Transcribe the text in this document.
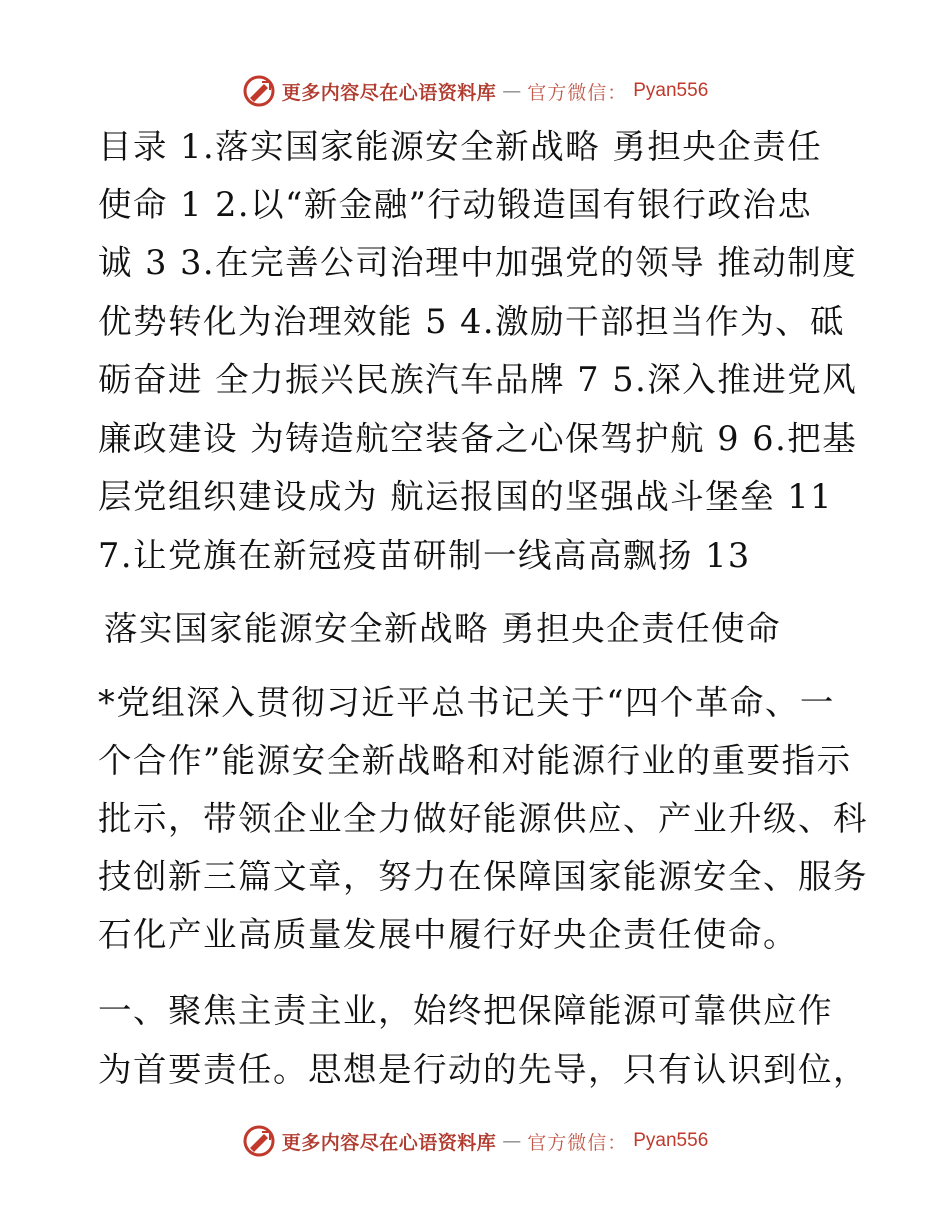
更多内容尽在心语资料库 — 官方微信： Pyan556
目录 1.落实国家能源安全新战略 勇担央企责任
使命 1 2.以“新金融”行动锻造国有银行政治忠
诚 3 3.在完善公司治理中加强党的领导 推动制度
优势转化为治理效能 5 4.激励干部担当作为、砥
砺奋进 全力振兴民族汽车品牌 7 5.深入推进党风
廉政建设 为铸造航空装备之心保驾护航 9 6.把基
层党组织建设成为 航运报国的坚强战斗堡垒 11
7.让党旗在新冠疫苗研制一线高高飘扬 13
落实国家能源安全新战略 勇担央企责任使命
*党组深入贯彻习近平总书记关于“四个革命、一
个合作”能源安全新战略和对能源行业的重要指示
批示，带领企业全力做好能源供应、产业升级、科
技创新三篇文章，努力在保障国家能源安全、服务
石化产业高质量发展中履行好央企责任使命。
一、聚焦主责主业，始终把保障能源可靠供应作
为首要责任。思想是行动的先导，只有认识到位，
更多内容尽在心语资料库 — 官方微信： Pyan556
